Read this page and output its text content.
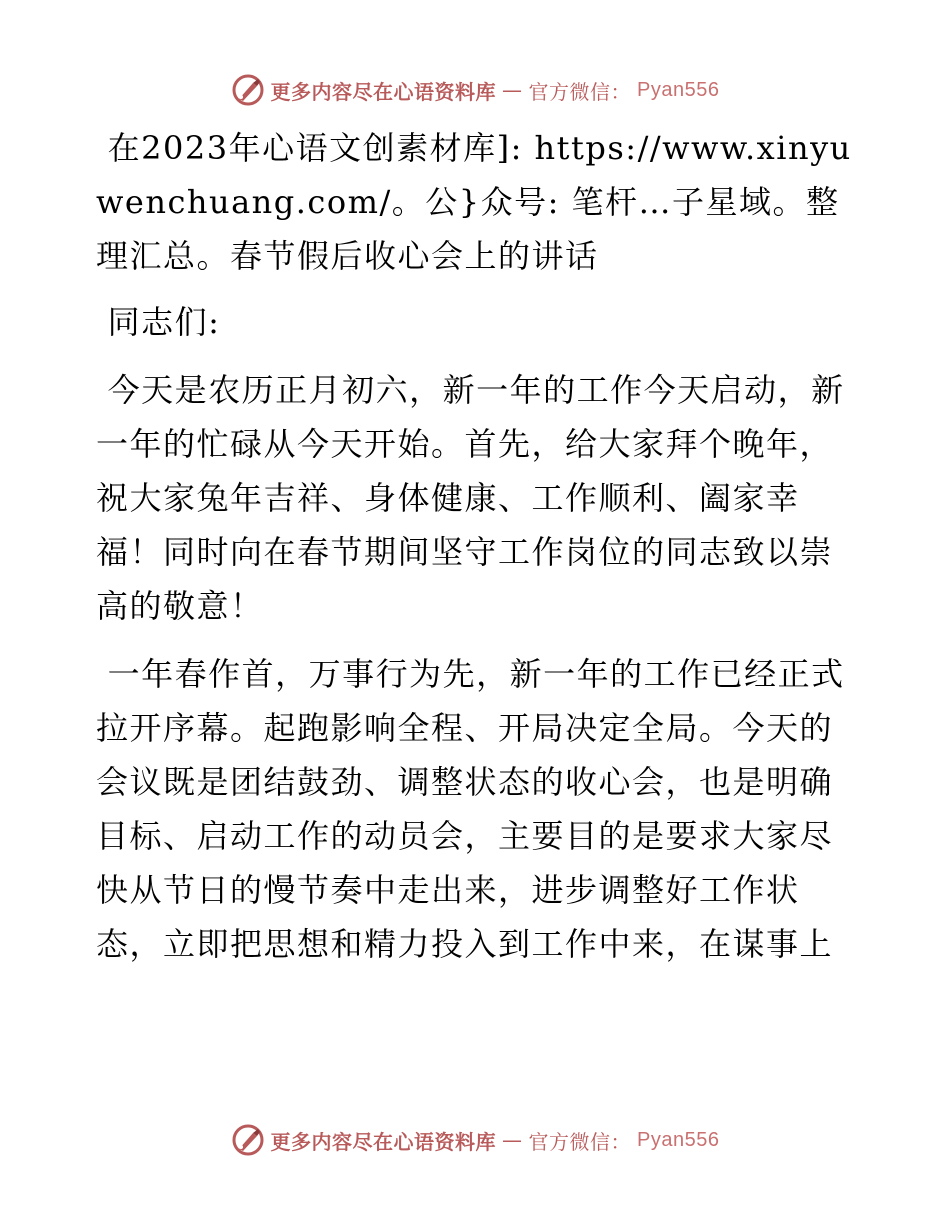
更多内容尽在心语资料库 — 官方微信： Pyan556

在2023年心语文创素材库]: https://www.xinyuwenchuang.com/。公}众号: 笔杆…子星域。整理汇总。春节假后收心会上的讲话

同志们:

今天是农历正月初六，新一年的工作今天启动，新一年的忙碌从今天开始。首先，给大家拜个晚年，祝大家兔年吉祥、身体健康、工作顺利、阖家幸福！同时向在春节期间坚守工作岗位的同志致以崇高的敬意！

一年春作首，万事行为先，新一年的工作已经正式拉开序幕。起跑影响全程、开局决定全局。今天的会议既是团结鼓劲、调整状态的收心会，也是明确目标、启动工作的动员会，主要目的是要求大家尽快从节日的慢节奏中走出来，进步调整好工作状态，立即把思想和精力投入到工作中来，在谋事上

更多内容尽在心语资料库 — 官方微信： Pyan556
